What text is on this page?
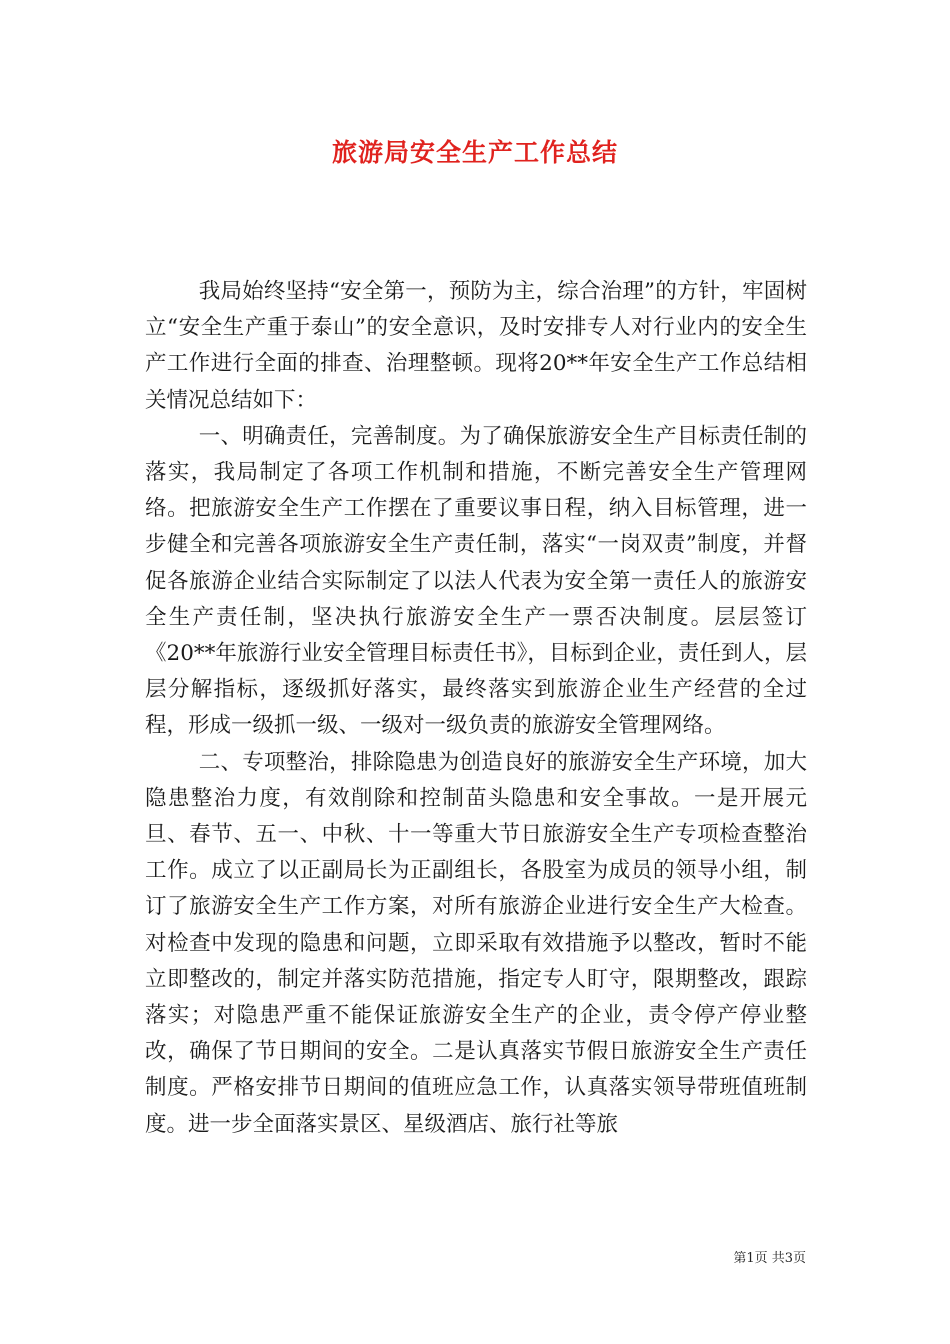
旅游局安全生产工作总结

我局始终坚持“安全第一，预防为主，综合治理”的方针，牢固树立“安全生产重于泰山”的安全意识，及时安排专人对行业内的安全生产工作进行全面的排查、治理整顿。现将20**年安全生产工作总结相关情况总结如下：

一、明确责任，完善制度。为了确保旅游安全生产目标责任制的落实，我局制定了各项工作机制和措施，不断完善安全生产管理网络。把旅游安全生产工作摆在了重要议事日程，纳入目标管理，进一步健全和完善各项旅游安全生产责任制，落实“一岗双责”制度，并督促各旅游企业结合实际制定了以法人代表为安全第一责任人的旅游安全生产责任制，坚决执行旅游安全生产一票否决制度。层层签订《20**年旅游行业安全管理目标责任书》，目标到企业，责任到人，层层分解指标，逐级抓好落实，最终落实到旅游企业生产经营的全过程，形成一级抓一级、一级对一级负责的旅游安全管理网络。

二、专项整治，排除隐患为创造良好的旅游安全生产环境，加大隐患整治力度，有效削除和控制苗头隐患和安全事故。一是开展元旦、春节、五一、中秋、十一等重大节日旅游安全生产专项检查整治工作。成立了以正副局长为正副组长，各股室为成员的领导小组，制订了旅游安全生产工作方案，对所有旅游企业进行安全生产大检查。对检查中发现的隐患和问题，立即采取有效措施予以整改，暂时不能立即整改的，制定并落实防范措施，指定专人盯守，限期整改，跟踪落实；对隐患严重不能保证旅游安全生产的企业，责令停产停业整改，确保了节日期间的安全。二是认真落实节假日旅游安全生产责任制度。严格安排节日期间的值班应急工作，认真落实领导带班值班制度。进一步全面落实景区、星级酒店、旅行社等旅

第1页 共3页
